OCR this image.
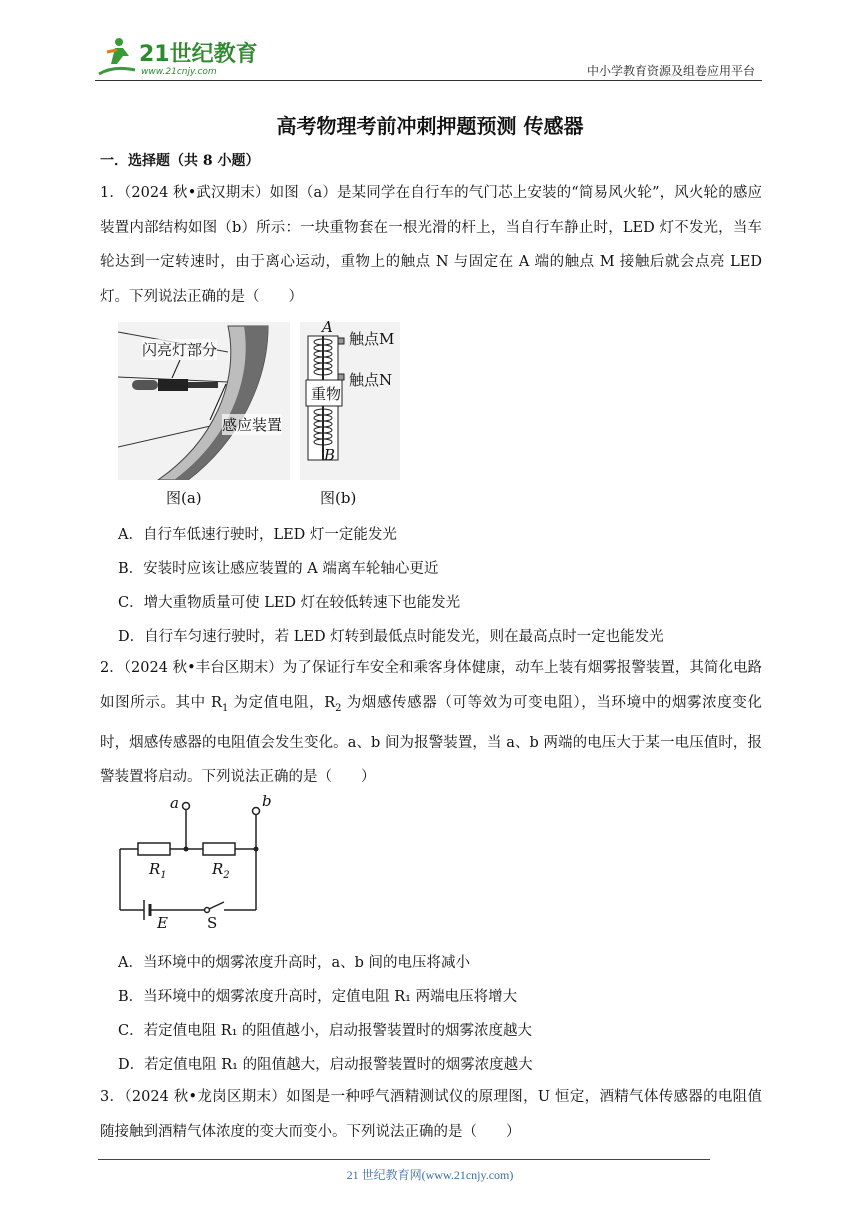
21世纪教育
www.21cnjy.com	中小学教育资源及组卷应用平台
高考物理考前冲刺押题预测 传感器
一．选择题（共 8 小题）
1．（2024 秋•武汉期末）如图（a）是某同学在自行车的气门芯上安装的“简易风火轮”，风火轮的感应装置内部结构如图（b）所示：一块重物套在一根光滑的杆上，当自行车静止时，LED 灯不发光，当车轮达到一定转速时，由于离心运动，重物上的触点 N 与固定在 A 端的触点 M 接触后就会点亮 LED 灯。下列说法正确的是（　　）
闪亮灯部分
感应装置
图(a)
A
触点M
触点N
重物
B
图(b)
A．自行车低速行驶时，LED 灯一定能发光
B．安装时应该让感应装置的 A 端离车轮轴心更近
C．增大重物质量可使 LED 灯在较低转速下也能发光
D．自行车匀速行驶时，若 LED 灯转到最低点时能发光，则在最高点时一定也能发光
2．（2024 秋•丰台区期末）为了保证行车安全和乘客身体健康，动车上装有烟雾报警装置，其简化电路如图所示。其中 $R_1$ 为定值电阻，$R_2$ 为烟感传感器（可等效为可变电阻），当环境中的烟雾浓度变化时，烟感传感器的电阻值会发生变化。a、b 间为报警装置，当 a、b 两端的电压大于某一电压值时，报警装置将启动。下列说法正确的是（　　）
a	b
$R_1$	$R_2$
E	S
A．当环境中的烟雾浓度升高时，a、b 间的电压将减小
B．当环境中的烟雾浓度升高时，定值电阻 R₁ 两端电压将增大
C．若定值电阻 R₁ 的阻值越小，启动报警装置时的烟雾浓度越大
D．若定值电阻 R₁ 的阻值越大，启动报警装置时的烟雾浓度越大
3．（2024 秋•龙岗区期末）如图是一种呼气酒精测试仪的原理图，U 恒定，酒精气体传感器的电阻值随接触到酒精气体浓度的变大而变小。下列说法正确的是（　　）
21 世纪教育网(www.21cnjy.com)
